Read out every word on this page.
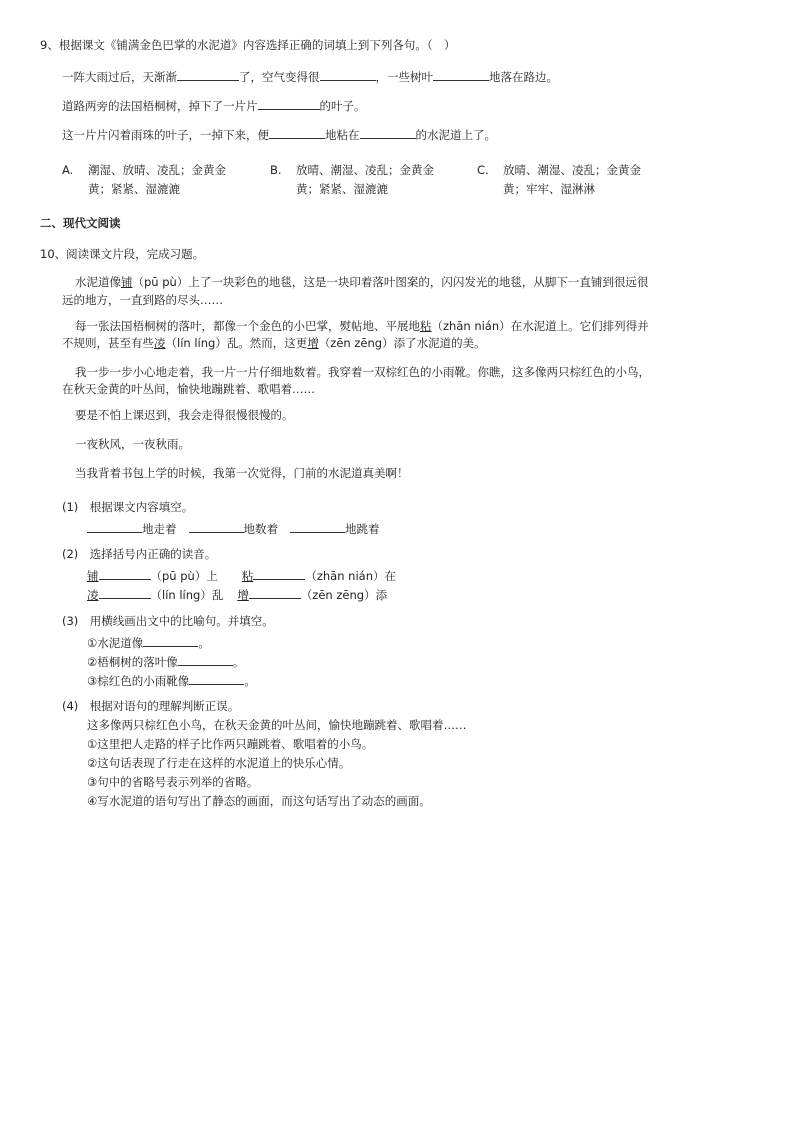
9、根据课文《铺满金色巴掌的水泥道》内容选择正确的词填上到下列各句。（　）
一阵大雨过后，天渐渐	了，空气变得很	，一些树叶	地落在路边。
道路两旁的法国梧桐树，掉下了一片片	的叶子。
这一片片闪着雨珠的叶子，一掉下来，便	地粘在	的水泥道上了。
A. 潮湿、放晴、凌乱；金黄金
黄；紧紧、湿漉漉
B. 放晴、潮湿、凌乱；金黄金
黄；紧紧、湿漉漉
C. 放晴、潮湿、凌乱；金黄金
黄；牢牢、湿淋淋
二、现代文阅读
10、阅读课文片段，完成习题。
水泥道像铺（pū pù）上了一块彩色的地毯，这是一块印着落叶图案的，闪闪发光的地毯，从脚下一直铺到很远很
远的地方，一直到路的尽头……
每一张法国梧桐树的落叶，都像一个金色的小巴掌，熨帖地、平展地粘（zhān nián）在水泥道上。它们排列得并
不规则，甚至有些凌（lín líng）乱。然而，这更增（zēn zēng）添了水泥道的美。
我一步一步小心地走着，我一片一片仔细地数着。我穿着一双棕红色的小雨靴。你瞧，这多像两只棕红色的小鸟，
在秋天金黄的叶丛间，愉快地蹦跳着、歌唱着……
要是不怕上课迟到，我会走得很慢很慢的。
一夜秋风，一夜秋雨。
当我背着书包上学的时候，我第一次觉得，门前的水泥道真美啊！
(1)　根据课文内容填空。
地走着	地数着	地跳着
(2)　选择括号内正确的读音。
铺	（pū pù）上 粘	（zhān nián）在
凌	（lín líng）乱 增	（zēn zēng）添
(3)　用横线画出文中的比喻句。并填空。
①水泥道像	。
②梧桐树的落叶像	。
③棕红色的小雨靴像	。
(4)　根据对语句的理解判断正误。
这多像两只棕红色小鸟，在秋天金黄的叶丛间，愉快地蹦跳着、歌唱着……
①这里把人走路的样子比作两只蹦跳着、歌唱着的小鸟。
②这句话表现了行走在这样的水泥道上的快乐心情。
③句中的省略号表示列举的省略。
④写水泥道的语句写出了静态的画面，而这句话写出了动态的画面。
